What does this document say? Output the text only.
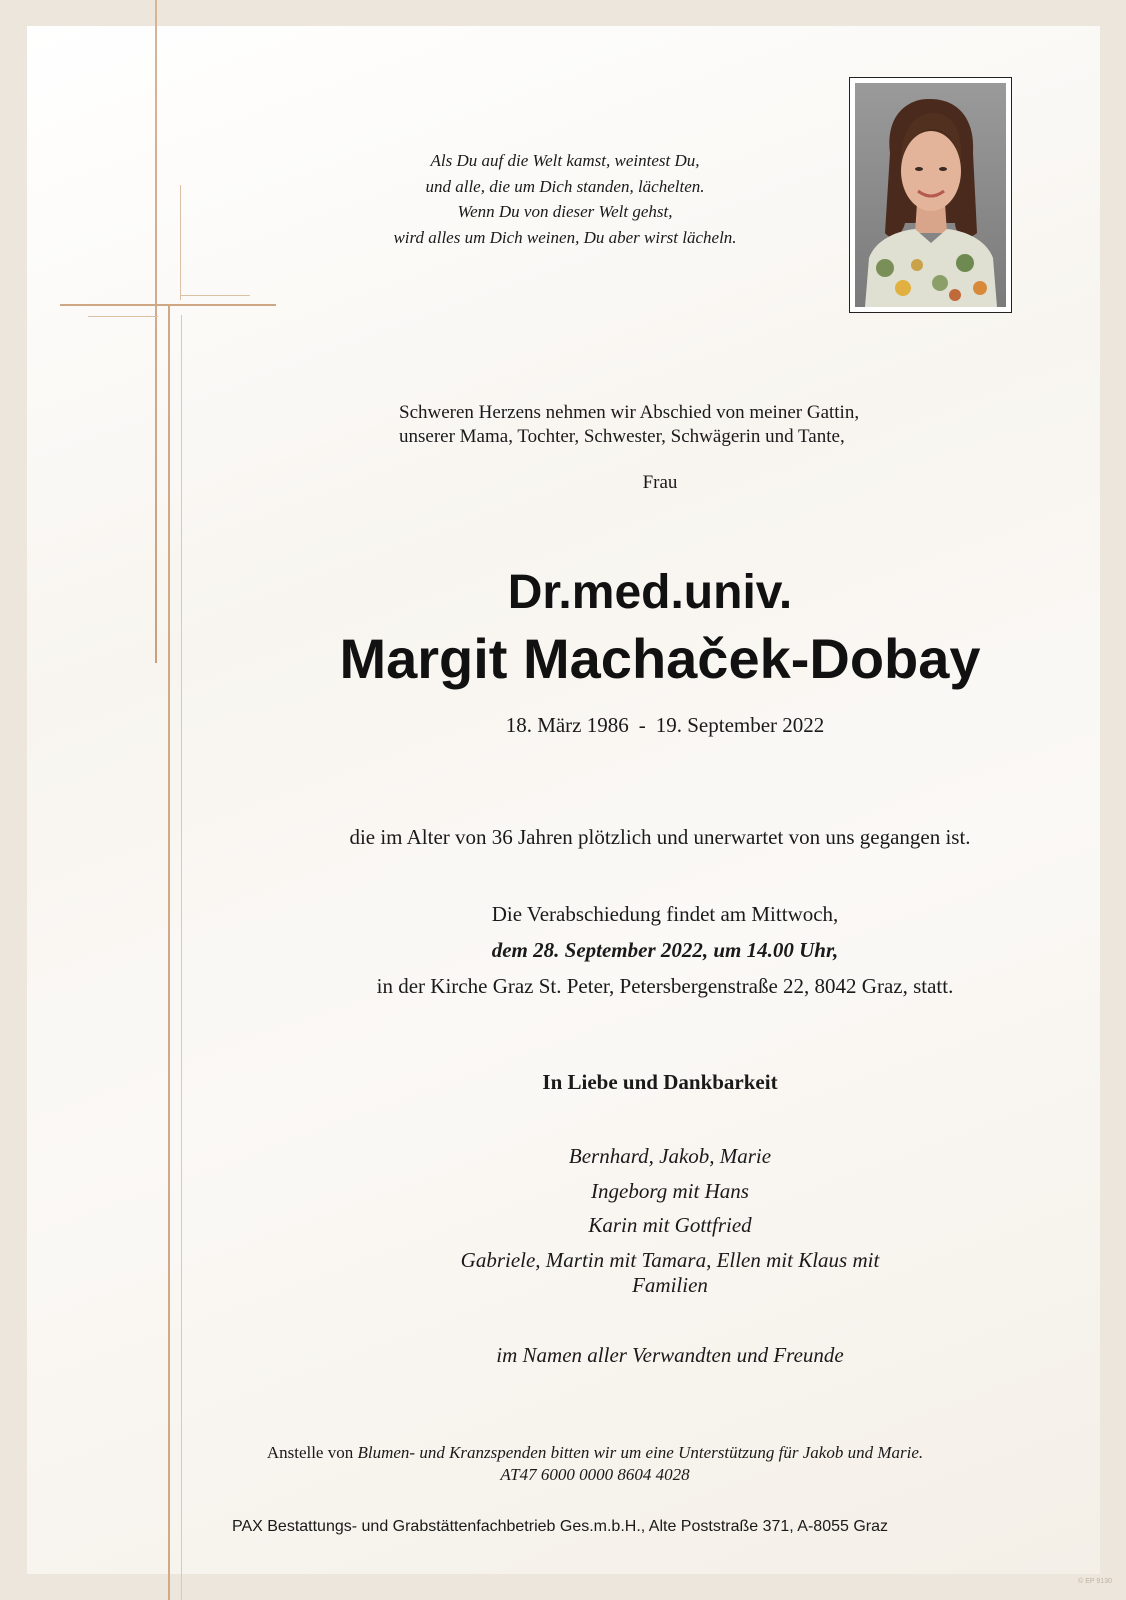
Als Du auf die Welt kamst, weintest Du,
und alle, die um Dich standen, lächelten.
Wenn Du von dieser Welt gehst,
wird alles um Dich weinen, Du aber wirst lächeln.
Schweren Herzens nehmen wir Abschied von meiner Gattin,
unserer Mama, Tochter, Schwester, Schwägerin und Tante,
Frau
Dr.med.univ.
Margit Machaček-Dobay
18. März 1986 - 19. September 2022
die im Alter von 36 Jahren plötzlich und unerwartet von uns gegangen ist.
Die Verabschiedung findet am Mittwoch,
dem 28. September 2022, um 14.00 Uhr,
in der Kirche Graz St. Peter, Petersbergenstraße 22, 8042 Graz, statt.
In Liebe und Dankbarkeit
Bernhard, Jakob, Marie
Ingeborg mit Hans
Karin mit Gottfried
Gabriele, Martin mit Tamara, Ellen mit Klaus mit
Familien
im Namen aller Verwandten und Freunde
Anstelle von Blumen- und Kranzspenden bitten wir um eine Unterstützung für Jakob und Marie.
AT47 6000 0000 8604 4028
PAX Bestattungs- und Grabstättenfachbetrieb Ges.m.b.H., Alte Poststraße 371, A-8055 Graz
© EP 9130
